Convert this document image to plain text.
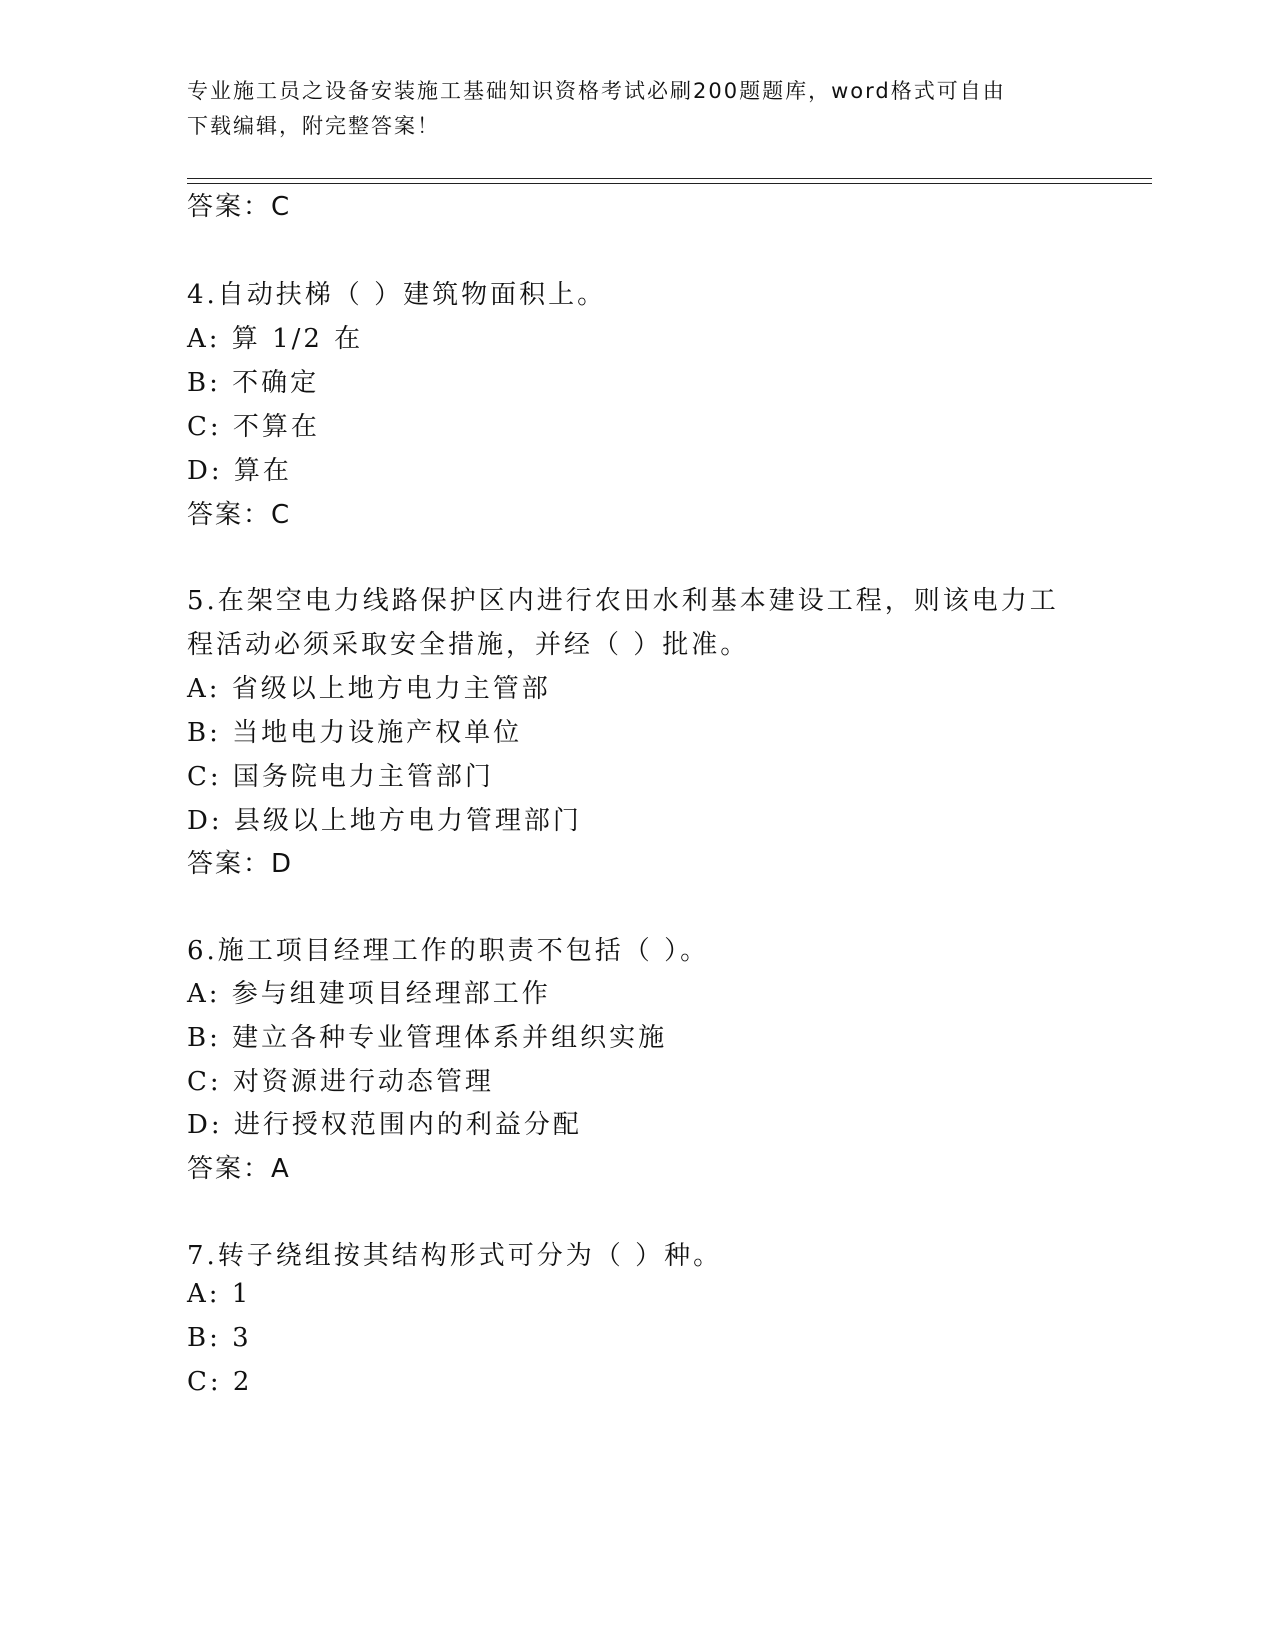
专业施工员之设备安装施工基础知识资格考试必刷200题题库，word格式可自由
下载编辑，附完整答案！
答案：C
4.自动扶梯（ ）建筑物面积上。
A: 算 1/2 在
B: 不确定
C: 不算在
D: 算在
答案：C
5.在架空电力线路保护区内进行农田水利基本建设工程，则该电力工
程活动必须采取安全措施，并经（ ）批准。
A: 省级以上地方电力主管部
B: 当地电力设施产权单位
C: 国务院电力主管部门
D: 县级以上地方电力管理部门
答案：D
6.施工项目经理工作的职责不包括（ ）。
A: 参与组建项目经理部工作
B: 建立各种专业管理体系并组织实施
C: 对资源进行动态管理
D: 进行授权范围内的利益分配
答案：A
7.转子绕组按其结构形式可分为（ ）种。
A: 1
B: 3
C: 2
